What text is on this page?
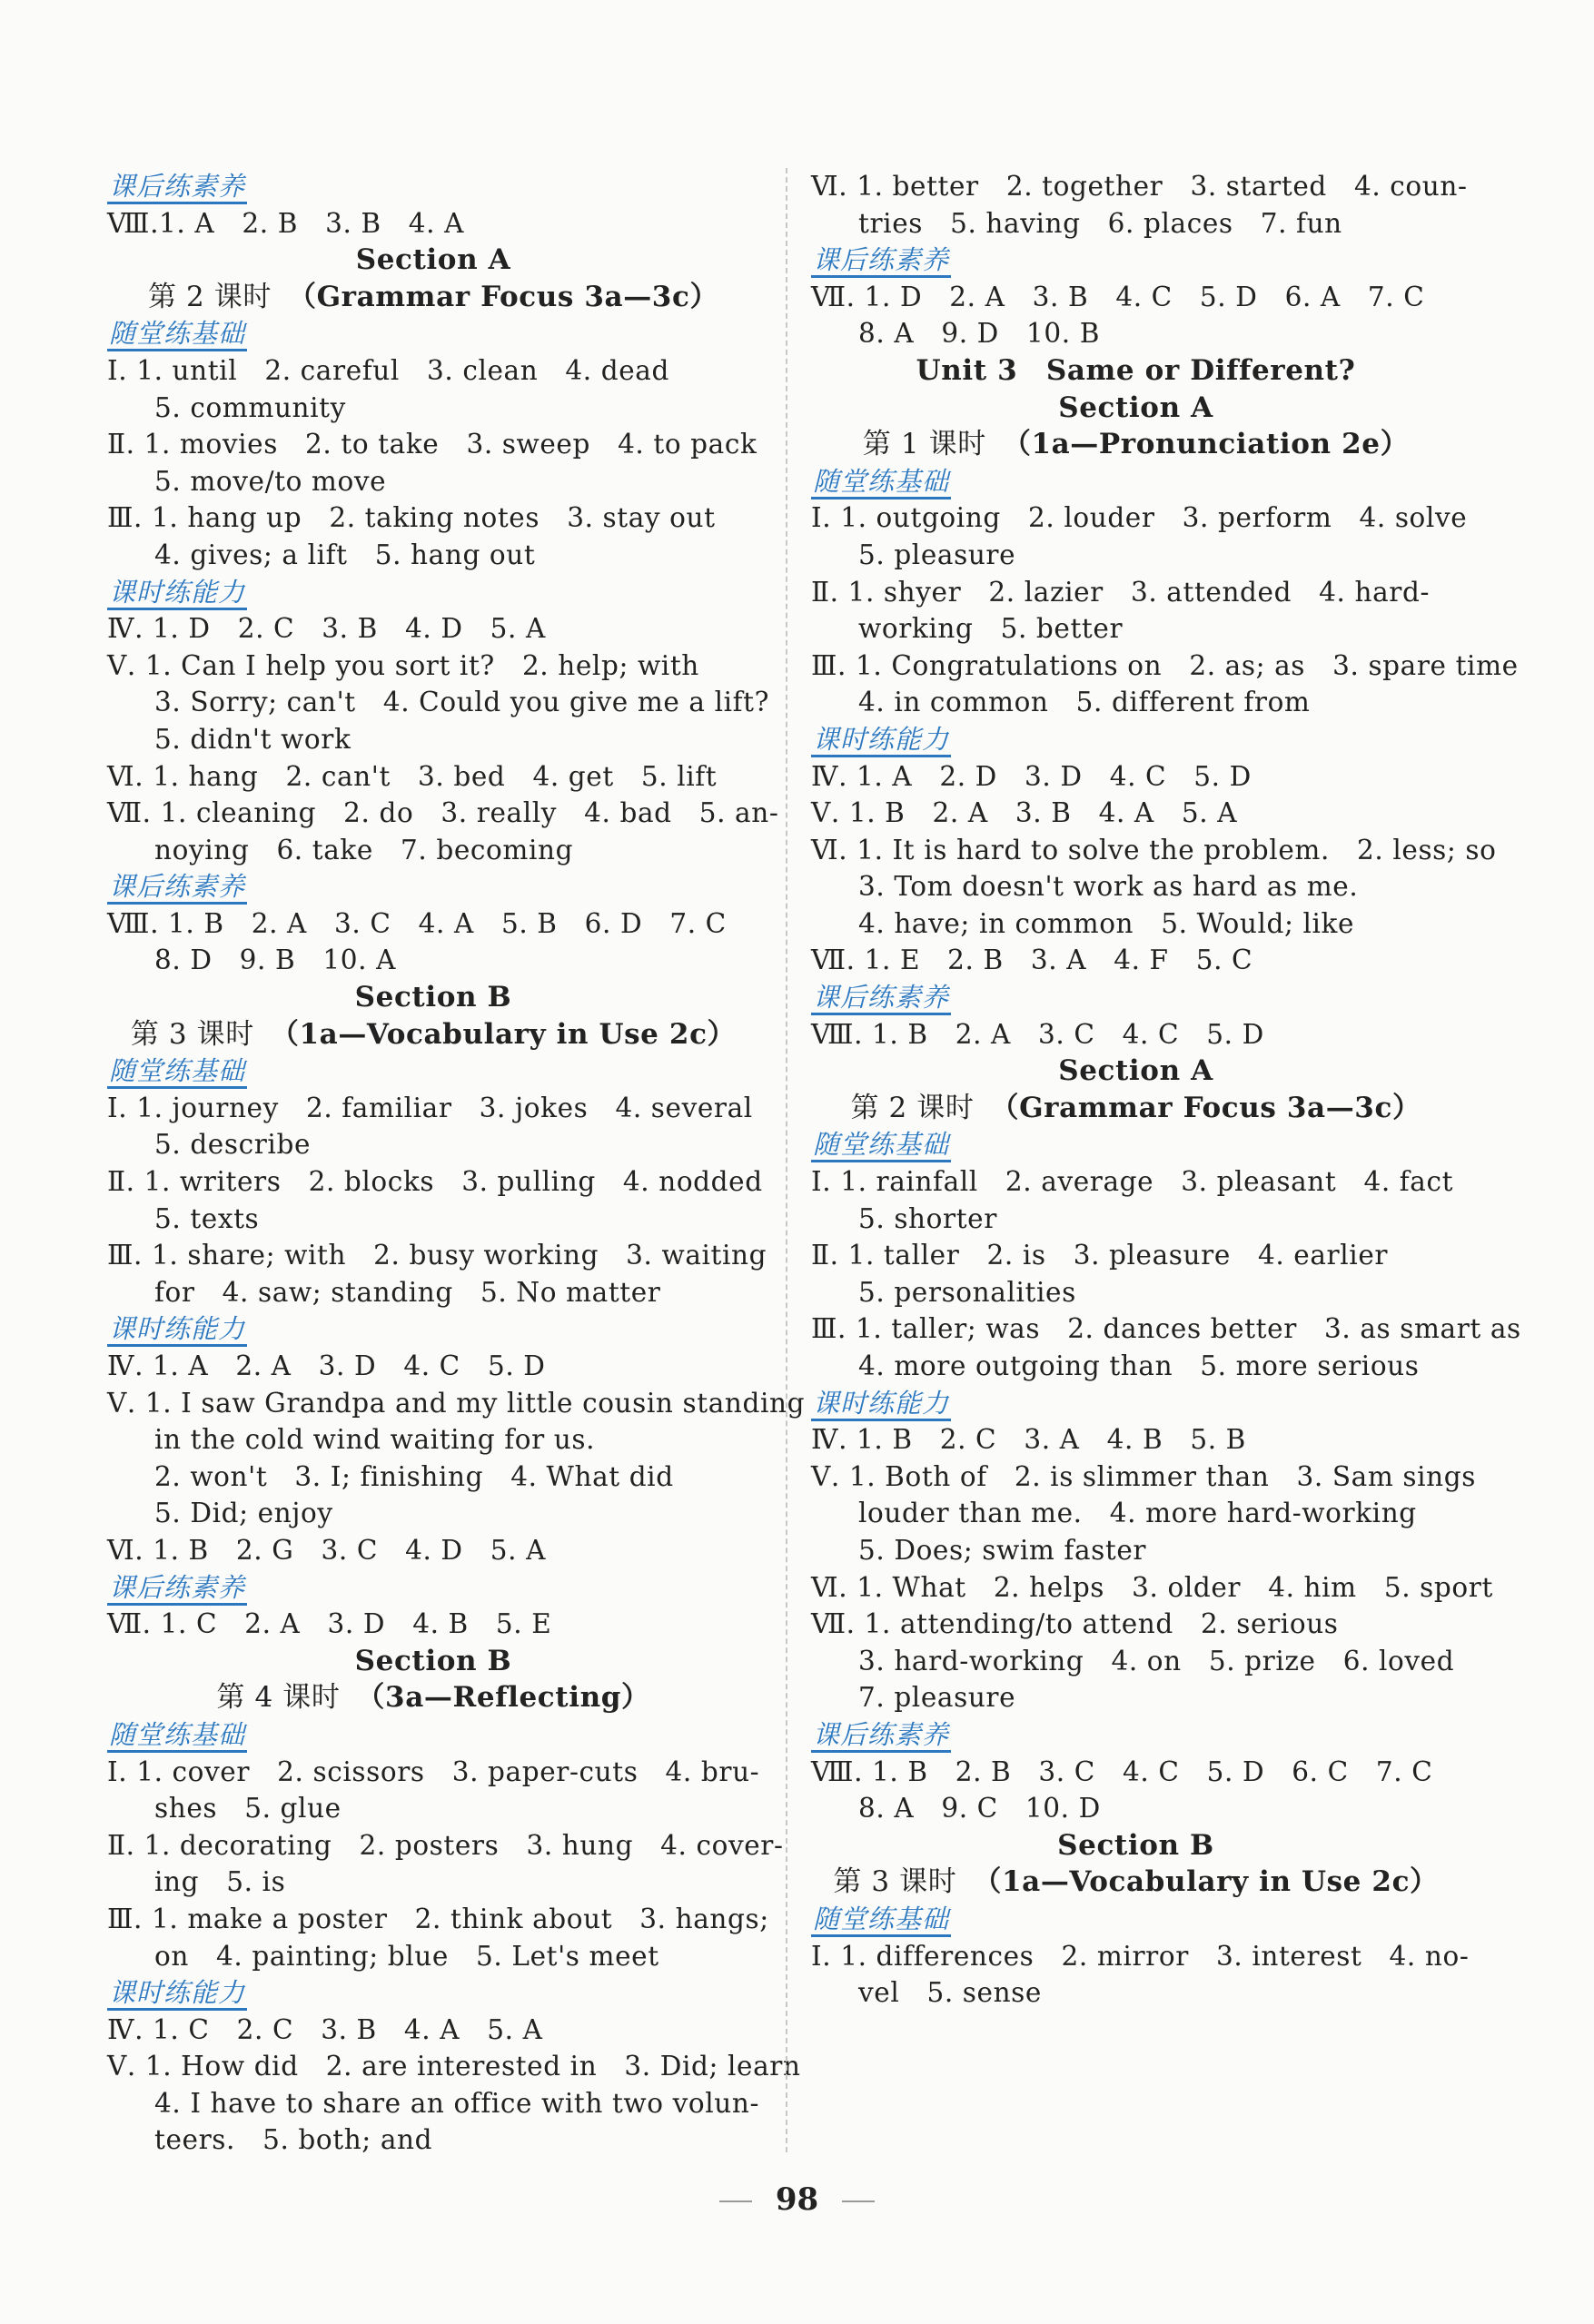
课后练素养
Ⅷ.1. A　2. B　3. B　4. A
Section A
第 2 课时 （Grammar Focus 3a—3c）
随堂练基础
Ⅰ. 1. until　2. careful　3. clean　4. dead
5. community
Ⅱ. 1. movies　2. to take　3. sweep　4. to pack
5. move/to move
Ⅲ. 1. hang up　2. taking notes　3. stay out
4. gives; a lift　5. hang out
课时练能力
Ⅳ. 1. D　2. C　3. B　4. D　5. A
Ⅴ. 1. Can I help you sort it?　2. help; with
3. Sorry; can't　4. Could you give me a lift?
5. didn't work
Ⅵ. 1. hang　2. can't　3. bed　4. get　5. lift
Ⅶ. 1. cleaning　2. do　3. really　4. bad　5. an-
noying　6. take　7. becoming
课后练素养
Ⅷ. 1. B　2. A　3. C　4. A　5. B　6. D　7. C
8. D　9. B　10. A
Section B
第 3 课时 （1a—Vocabulary in Use 2c）
随堂练基础
Ⅰ. 1. journey　2. familiar　3. jokes　4. several
5. describe
Ⅱ. 1. writers　2. blocks　3. pulling　4. nodded
5. texts
Ⅲ. 1. share; with　2. busy working　3. waiting
for　4. saw; standing　5. No matter
课时练能力
Ⅳ. 1. A　2. A　3. D　4. C　5. D
Ⅴ. 1. I saw Grandpa and my little cousin standing
in the cold wind waiting for us.
2. won't　3. I; finishing　4. What did
5. Did; enjoy
Ⅵ. 1. B　2. G　3. C　4. D　5. A
课后练素养
Ⅶ. 1. C　2. A　3. D　4. B　5. E
Section B
第 4 课时 （3a—Reflecting）
随堂练基础
Ⅰ. 1. cover　2. scissors　3. paper-cuts　4. bru-
shes　5. glue
Ⅱ. 1. decorating　2. posters　3. hung　4. cover-
ing　5. is
Ⅲ. 1. make a poster　2. think about　3. hangs;
on　4. painting; blue　5. Let's meet
课时练能力
Ⅳ. 1. C　2. C　3. B　4. A　5. A
Ⅴ. 1. How did　2. are interested in　3. Did; learn
4. I have to share an office with two volun-
teers.　5. both; and
Ⅵ. 1. better　2. together　3. started　4. coun-
tries　5. having　6. places　7. fun
课后练素养
Ⅶ. 1. D　2. A　3. B　4. C　5. D　6. A　7. C
8. A　9. D　10. B
Unit 3　Same or Different?
Section A
第 1 课时 （1a—Pronunciation 2e）
随堂练基础
Ⅰ. 1. outgoing　2. louder　3. perform　4. solve
5. pleasure
Ⅱ. 1. shyer　2. lazier　3. attended　4. hard-
working　5. better
Ⅲ. 1. Congratulations on　2. as; as　3. spare time
4. in common　5. different from
课时练能力
Ⅳ. 1. A　2. D　3. D　4. C　5. D
Ⅴ. 1. B　2. A　3. B　4. A　5. A
Ⅵ. 1. It is hard to solve the problem.　2. less; so
3. Tom doesn't work as hard as me.
4. have; in common　5. Would; like
Ⅶ. 1. E　2. B　3. A　4. F　5. C
课后练素养
Ⅷ. 1. B　2. A　3. C　4. C　5. D
Section A
第 2 课时 （Grammar Focus 3a—3c）
随堂练基础
Ⅰ. 1. rainfall　2. average　3. pleasant　4. fact
5. shorter
Ⅱ. 1. taller　2. is　3. pleasure　4. earlier
5. personalities
Ⅲ. 1. taller; was　2. dances better　3. as smart as
4. more outgoing than　5. more serious
课时练能力
Ⅳ. 1. B　2. C　3. A　4. B　5. B
Ⅴ. 1. Both of　2. is slimmer than　3. Sam sings
louder than me.　4. more hard-working
5. Does; swim faster
Ⅵ. 1. What　2. helps　3. older　4. him　5. sport
Ⅶ. 1. attending/to attend　2. serious
3. hard-working　4. on　5. prize　6. loved
7. pleasure
课后练素养
Ⅷ. 1. B　2. B　3. C　4. C　5. D　6. C　7. C
8. A　9. C　10. D
Section B
第 3 课时 （1a—Vocabulary in Use 2c）
随堂练基础
Ⅰ. 1. differences　2. mirror　3. interest　4. no-
vel　5. sense
98
